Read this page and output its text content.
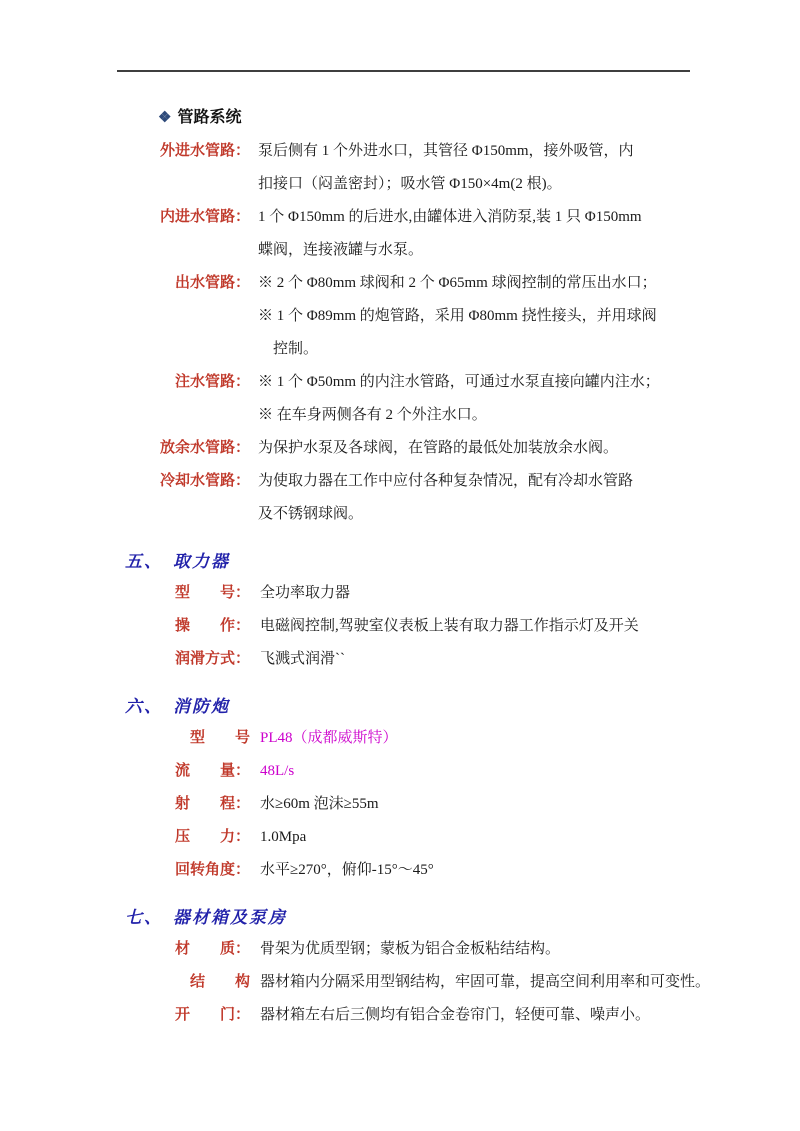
❖ 管路系统
外进水管路： 泵后侧有 1 个外进水口，其管径 Φ150mm，接外吸管，内
扣接口（闷盖密封）；吸水管 Φ150×4m(2 根)。
内进水管路： 1 个 Φ150mm 的后进水,由罐体进入消防泵,装 1 只 Φ150mm
蝶阀，连接液罐与水泵。
出水管路： ※ 2 个 Φ80mm 球阀和 2 个 Φ65mm 球阀控制的常压出水口；
※ 1 个 Φ89mm 的炮管路，采用 Φ80mm 挠性接头，并用球阀
　控制。
注水管路： ※ 1 个 Φ50mm 的内注水管路，可通过水泵直接向罐内注水；
※ 在车身两侧各有 2 个外注水口。
放余水管路： 为保护水泵及各球阀，在管路的最低处加装放余水阀。
冷却水管路： 为使取力器在工作中应付各种复杂情况，配有冷却水管路
及不锈钢球阀。
五、 取力器
型　　号： 全功率取力器
操　　作： 电磁阀控制,驾驶室仪表板上装有取力器工作指示灯及开关
润滑方式： 飞溅式润滑``
六、 消防炮
型　　号 PL48（成都威斯特）
流　　量： 48L/s
射　　程： 水≥60m 泡沫≥55m
压　　力： 1.0Mpa
回转角度： 水平≥270°，俯仰-15°～45°
七、 器材箱及泵房
材　　质： 骨架为优质型钢；蒙板为铝合金板粘结结构。
结　　构 器材箱内分隔采用型钢结构，牢固可靠，提高空间利用率和可变性。
开　　门： 器材箱左右后三侧均有铝合金卷帘门，轻便可靠、噪声小。
